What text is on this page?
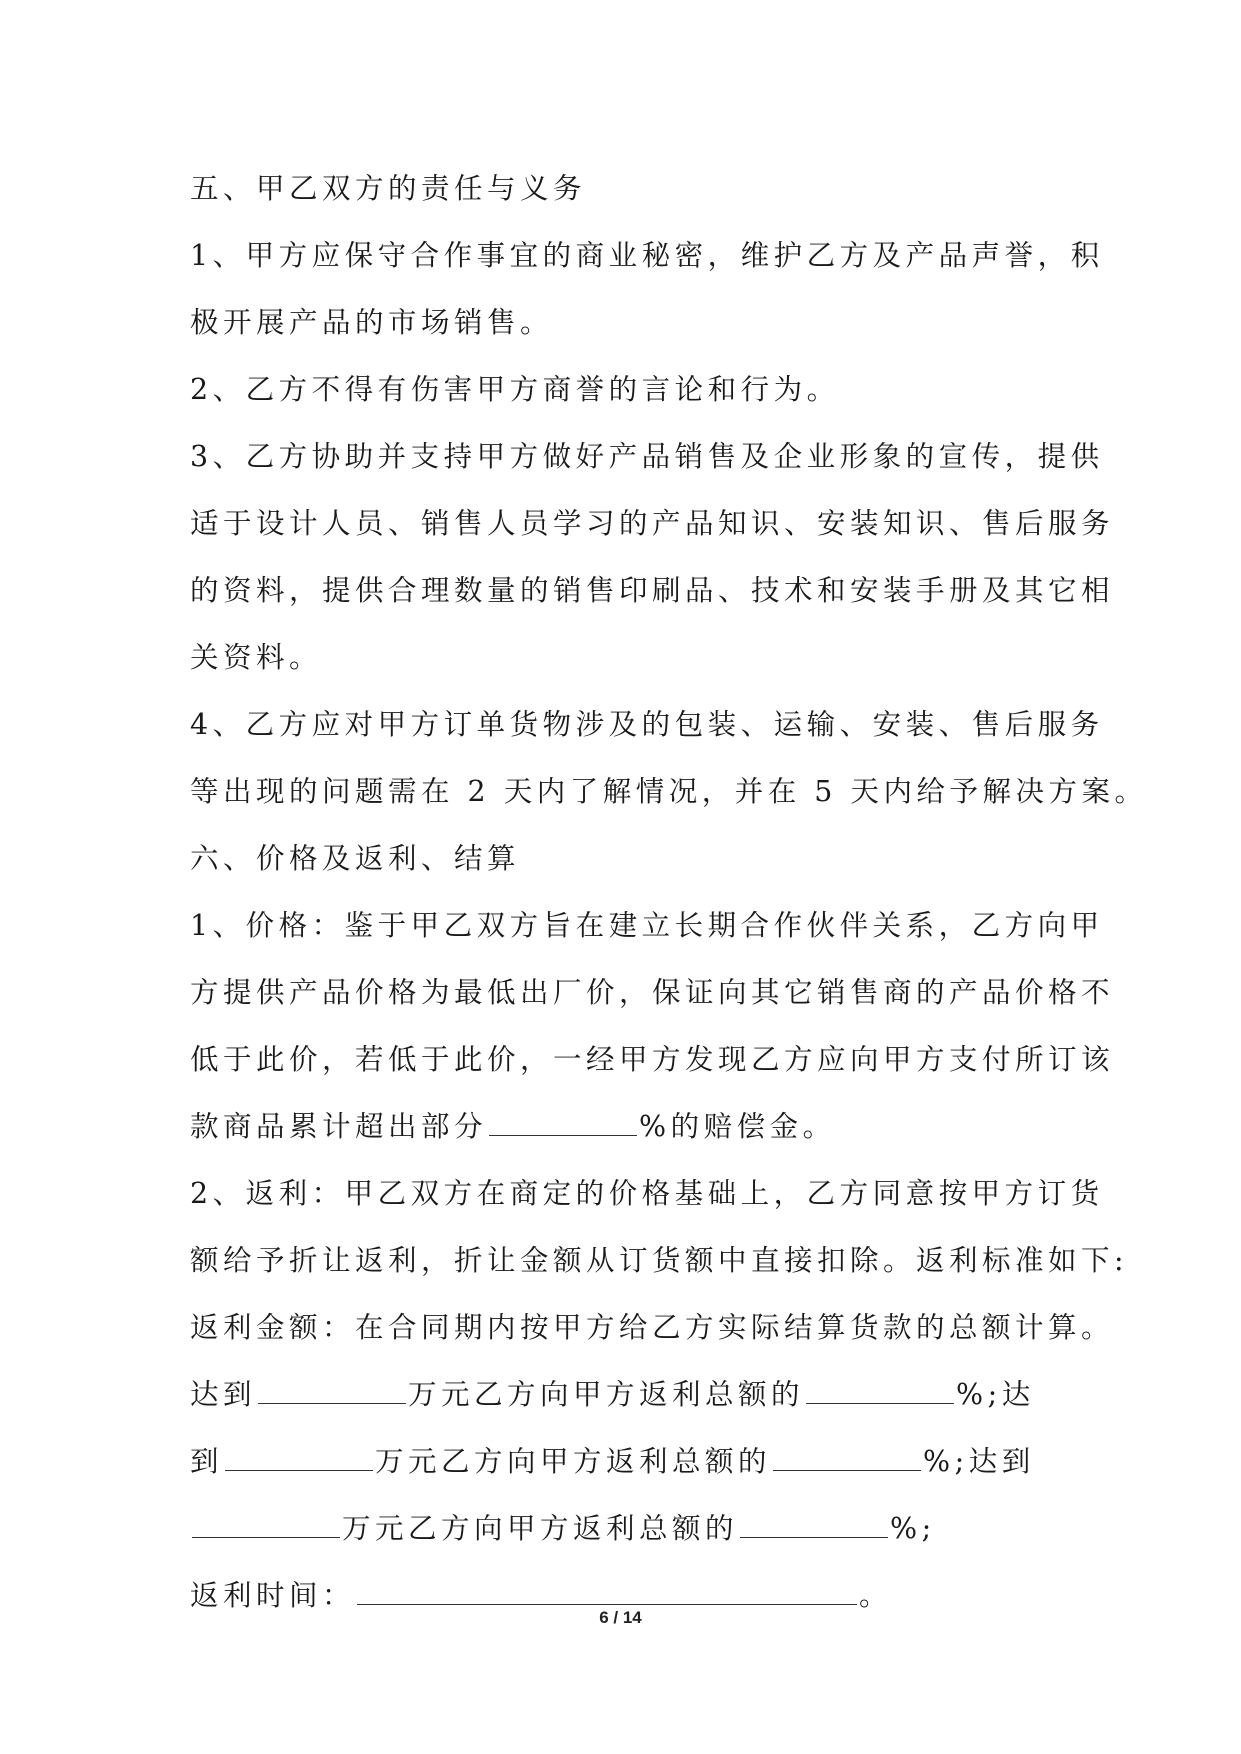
五、甲乙双方的责任与义务
1、甲方应保守合作事宜的商业秘密，维护乙方及产品声誉，积
极开展产品的市场销售。
2、乙方不得有伤害甲方商誉的言论和行为。
3、乙方协助并支持甲方做好产品销售及企业形象的宣传，提供
适于设计人员、销售人员学习的产品知识、安装知识、售后服务
的资料，提供合理数量的销售印刷品、技术和安装手册及其它相
关资料。
4、乙方应对甲方订单货物涉及的包装、运输、安装、售后服务
等出现的问题需在 2 天内了解情况，并在 5 天内给予解决方案。
六、价格及返利、结算
1、价格：鉴于甲乙双方旨在建立长期合作伙伴关系，乙方向甲
方提供产品价格为最低出厂价，保证向其它销售商的产品价格不
低于此价，若低于此价，一经甲方发现乙方应向甲方支付所订该
款商品累计超出部分	%的赔偿金。
2、返利：甲乙双方在商定的价格基础上，乙方同意按甲方订货
额给予折让返利，折让金额从订货额中直接扣除。返利标准如下:
返利金额：在合同期内按甲方给乙方实际结算货款的总额计算。
达到	万元乙方向甲方返利总额的	%;达
到	万元乙方向甲方返利总额的	%;达到
万元乙方向甲方返利总额的	%;
返利时间：	。
6 / 14
